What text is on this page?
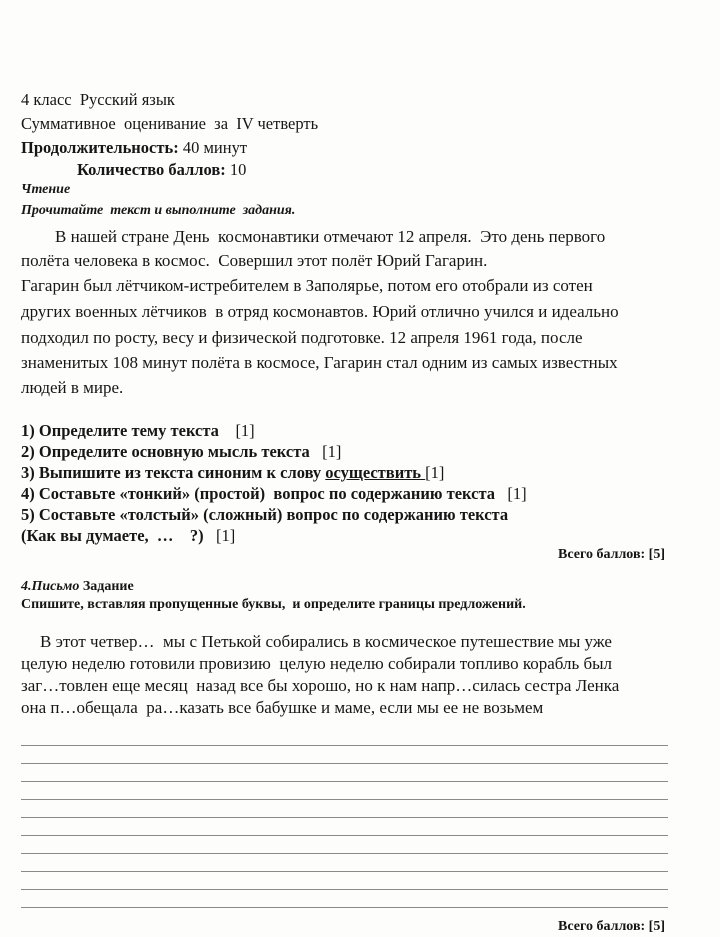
4 класс  Русский язык
Суммативное  оценивание  за  IV четверть
Продолжительность: 40 минут
Количество баллов: 10
Чтение
Прочитайте  текст и выполните  задания.
В нашей стране День  космонавтики отмечают 12 апреля.  Это день первого
полёта человека в космос.  Совершил этот полёт Юрий Гагарин.
Гагарин был лётчиком-истребителем в Заполярье, потом его отобрали из сотен
других военных лётчиков  в отряд космонавтов. Юрий отлично учился и идеально
подходил по росту, весу и физической подготовке. 12 апреля 1961 года, после
знаменитых 108 минут полёта в космосе, Гагарин стал одним из самых известных
людей в мире.
1) Определите тему текста [1]
2) Определите основную мысль текста [1]
3) Выпишите из текста синоним к слову осуществить [1]
4) Составьте «тонкий» (простой)  вопрос по содержанию текста [1]
5) Составьте «толстый» (сложный) вопрос по содержанию текста
(Как вы думаете,  …    ?) [1]
Всего баллов: [5]
4.Письмо Задание
Спишите, вставляя пропущенные буквы,  и определите границы предложений.
В этот четвер…  мы с Петькой собирались в космическое путешествие мы уже
целую неделю готовили провизию  целую неделю собирали топливо корабль был
заг…товлен еще месяц  назад все бы хорошо, но к нам напр…силась сестра Ленка
она п…обещала  ра…казать все бабушке и маме, если мы ее не возьмем
Всего баллов: [5]
